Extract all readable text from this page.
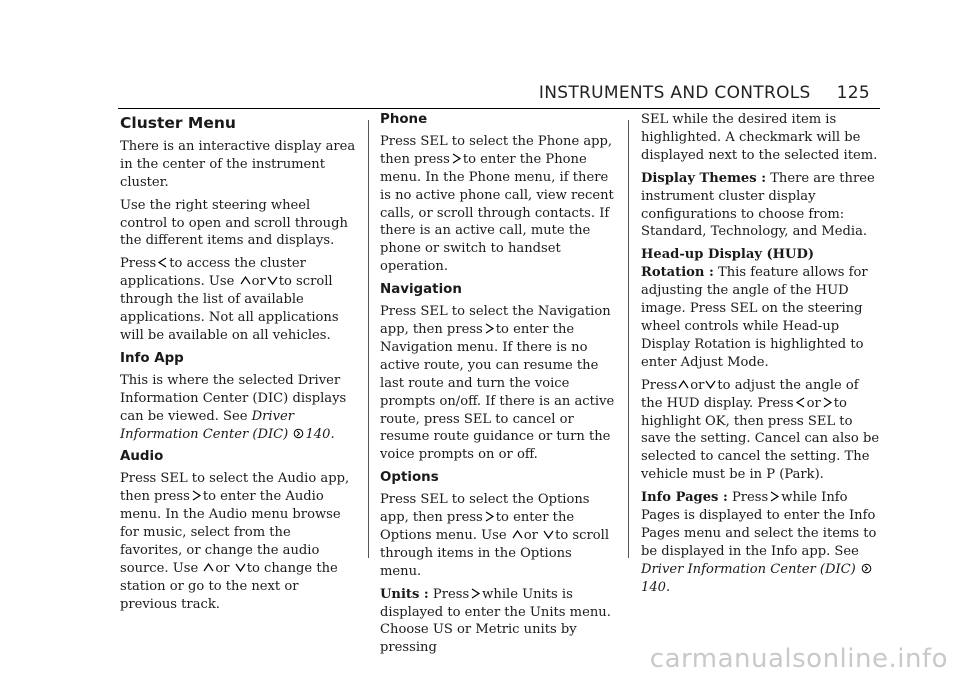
INSTRUMENTS AND CONTROLS 125
Cluster Menu

There is an interactive display area in the center of the instrument cluster.

Use the right steering wheel control to open and scroll through the different items and displays.

Press to access the cluster applications. Use or to scroll through the list of available applications. Not all applications will be available on all vehicles.

Info App

This is where the selected Driver Information Center (DIC) displays can be viewed. See Driver Information Center (DIC) 140.

Audio

Press SEL to select the Audio app, then press to enter the Audio menu. In the Audio menu browse for music, select from the favorites, or change the audio source. Use or to change the station or go to the next or previous track.

Phone

Press SEL to select the Phone app, then press to enter the Phone menu. In the Phone menu, if there is no active phone call, view recent calls, or scroll through contacts. If there is an active call, mute the phone or switch to handset operation.

Navigation

Press SEL to select the Navigation app, then press to enter the Navigation menu. If there is no active route, you can resume the last route and turn the voice prompts on/off. If there is an active route, press SEL to cancel or resume route guidance or turn the voice prompts on or off.

Options

Press SEL to select the Options app, then press to enter the Options menu. Use or to scroll through items in the Options menu.

Units : Press while Units is displayed to enter the Units menu. Choose US or Metric units by pressing

SEL while the desired item is highlighted. A checkmark will be displayed next to the selected item.

Display Themes : There are three instrument cluster display configurations to choose from: Standard, Technology, and Media.

Head-up Display (HUD) Rotation : This feature allows for adjusting the angle of the HUD image. Press SEL on the steering wheel controls while Head-up Display Rotation is highlighted to enter Adjust Mode.

Press or to adjust the angle of the HUD display. Press or to highlight OK, then press SEL to save the setting. Cancel can also be selected to cancel the setting. The vehicle must be in P (Park).

Info Pages : Press while Info Pages is displayed to enter the Info Pages menu and select the items to be displayed in the Info app. See Driver Information Center (DIC)
140.

carmanualsonline.info
